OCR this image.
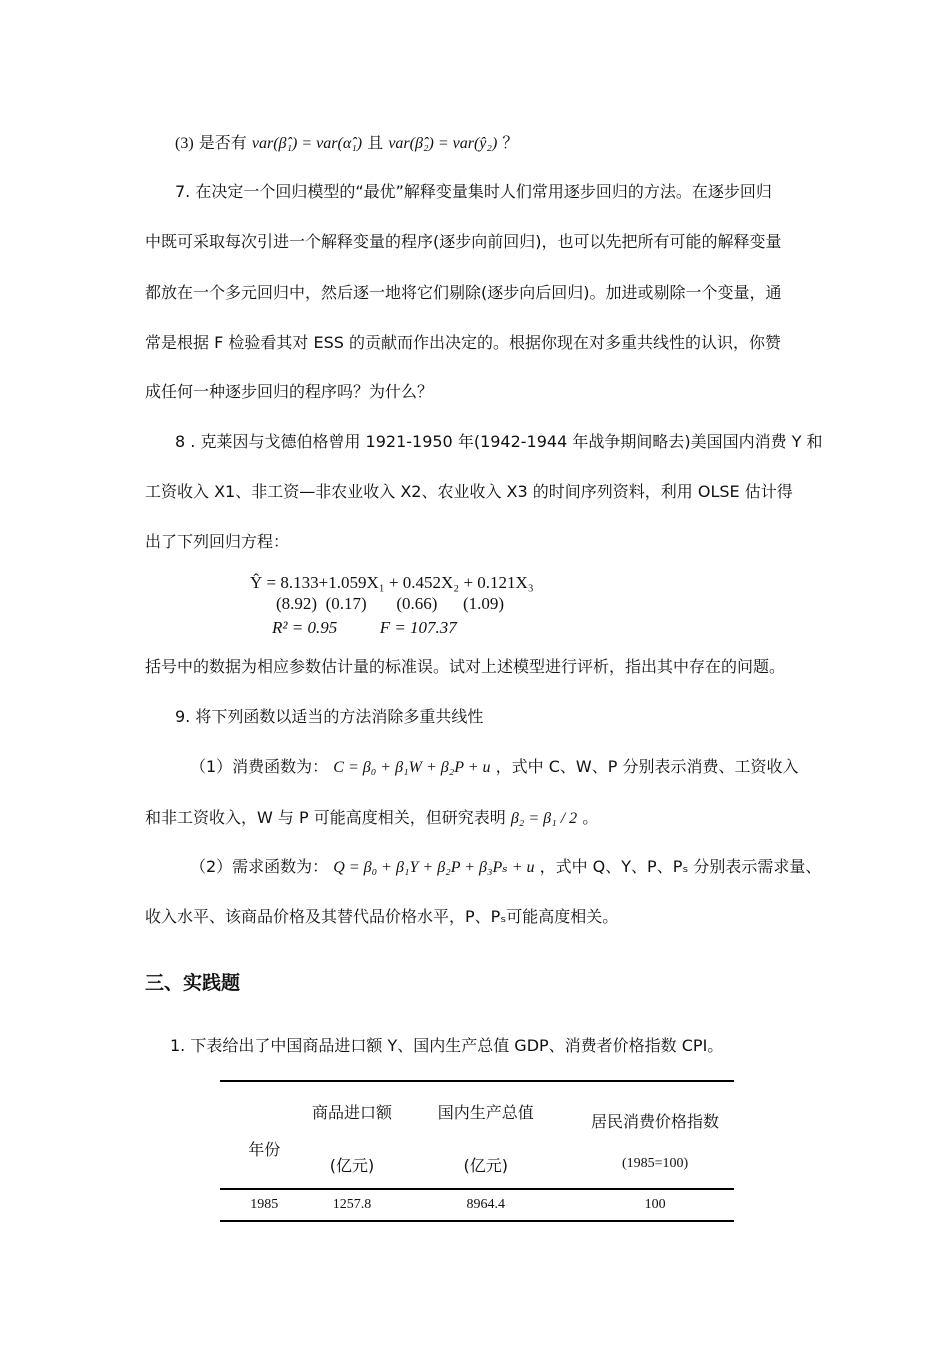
(3) 是否有 var(β̂₁) = var(α̂₁) 且 var(β̂₂) = var(ŷ₂) ？
7. 在决定一个回归模型的“最优”解释变量集时人们常用逐步回归的方法。在逐步回归
中既可采取每次引进一个解释变量的程序(逐步向前回归)，也可以先把所有可能的解释变量
都放在一个多元回归中，然后逐一地将它们剔除(逐步向后回归)。加进或剔除一个变量，通
常是根据 F 检验看其对 ESS 的贡献而作出决定的。根据你现在对多重共线性的认识，你赞
成任何一种逐步回归的程序吗？为什么？
8 . 克莱因与戈德伯格曾用 1921-1950 年(1942-1944 年战争期间略去)美国国内消费 Y 和
工资收入 X1、非工资—非农业收入 X2、农业收入 X3 的时间序列资料，利用 OLSE 估计得
出了下列回归方程：
Ŷ = 8.133+1.059X₁ + 0.452X₂ + 0.121X₃
(8.92)  (0.17)       (0.66)      (1.09)
R² = 0.95	F = 107.37
括号中的数据为相应参数估计量的标准误。试对上述模型进行评析，指出其中存在的问题。
9. 将下列函数以适当的方法消除多重共线性
（1）消费函数为： C = β₀ + β₁W + β₂P + u ，式中 C、W、P 分别表示消费、工资收入
和非工资收入，W 与 P 可能高度相关，但研究表明 β₂ = β₁ / 2 。
（2）需求函数为： Q = β₀ + β₁Y + β₂P + β₃Pₛ + u ，式中 Q、Y、P、Pₛ 分别表示需求量、
收入水平、该商品价格及其替代品价格水平，P、Pₛ可能高度相关。
三、实践题
1. 下表给出了中国商品进口额 Y、国内生产总值 GDP、消费者价格指数 CPI。
年份	商品进口额	国内生产总值	居民消费价格指数
	(亿元)	(亿元)	(1985=100)
1985	1257.8	8964.4	100
